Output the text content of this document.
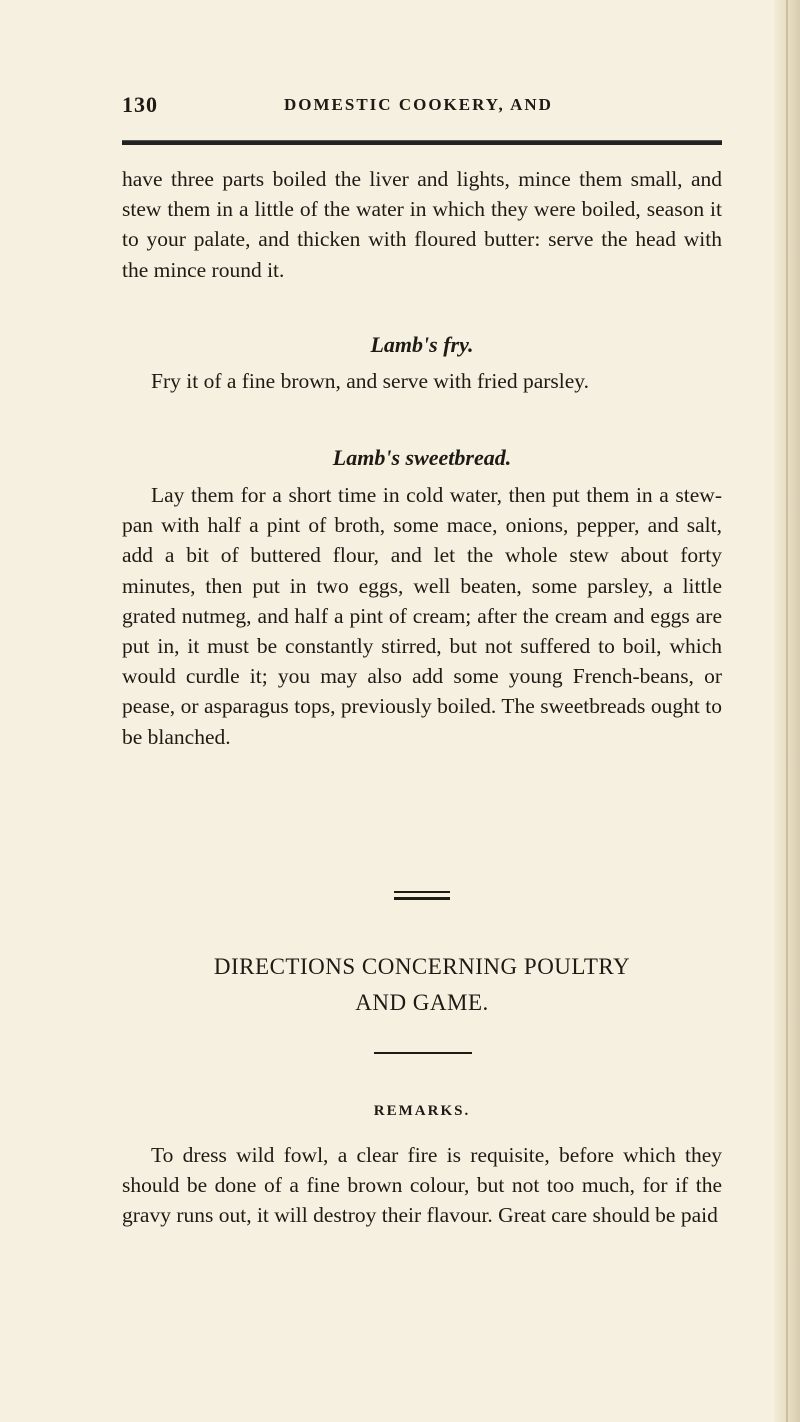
130	DOMESTIC COOKERY, AND

have three parts boiled the liver and lights, mince them small, and stew them in a little of the water in which they were boiled, season it to your palate, and thicken with floured butter: serve the head with the mince round it.

Lamb's fry.

Fry it of a fine brown, and serve with fried parsley.

Lamb's sweetbread.

Lay them for a short time in cold water, then put them in a stew-pan with half a pint of broth, some mace, onions, pepper, and salt, add a bit of buttered flour, and let the whole stew about forty minutes, then put in two eggs, well beaten, some parsley, a little grated nutmeg, and half a pint of cream; after the cream and eggs are put in, it must be constantly stirred, but not suffered to boil, which would curdle it; you may also add some young French-beans, or pease, or asparagus tops, previously boiled. The sweetbreads ought to be blanched.

DIRECTIONS CONCERNING POULTRY
AND GAME.
REMARKS.

To dress wild fowl, a clear fire is requisite, before which they should be done of a fine brown colour, but not too much, for if the gravy runs out, it will destroy their flavour. Great care should be paid
